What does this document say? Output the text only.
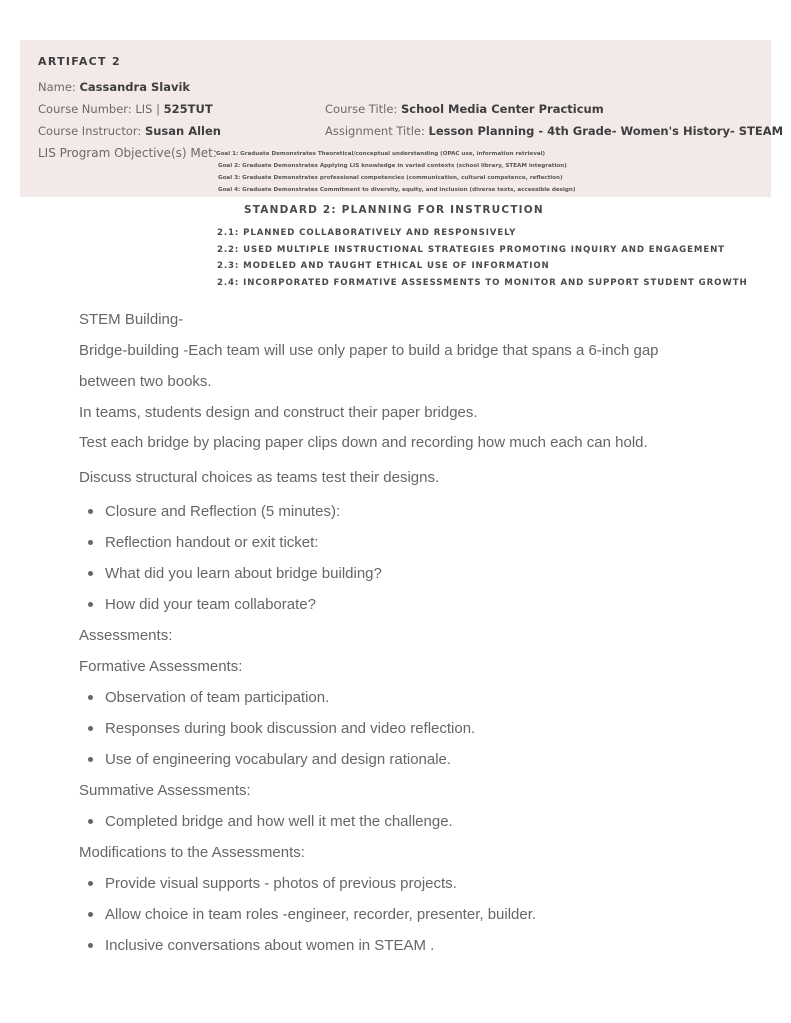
ARTIFACT 2
Name: Cassandra Slavik
Course Number: LIS | 525TUT	Course Title: School Media Center Practicum
Course Instructor: Susan Allen	Assignment Title: Lesson Planning - 4th Grade- Women's History- STEAM
LIS Program Objective(s) Met: Goal 1: Graduate Demonstrates Theoretical/conceptual understanding (OPAC use, information retrieval)
Goal 2: Graduate Demonstrates Applying LIS knowledge in varied contexts (school library, STEAM integration)
Goal 3: Graduate Demonstrates professional competencies (communication, cultural competence, reflection)
Goal 4: Graduate Demonstrates Commitment to diversity, equity, and inclusion (diverse texts, accessible design)
STANDARD 2: PLANNING FOR INSTRUCTION
2.1: PLANNED COLLABORATIVELY AND RESPONSIVELY
2.2: USED MULTIPLE INSTRUCTIONAL STRATEGIES PROMOTING INQUIRY AND ENGAGEMENT
2.3: MODELED AND TAUGHT ETHICAL USE OF INFORMATION
2.4: INCORPORATED FORMATIVE ASSESSMENTS TO MONITOR AND SUPPORT STUDENT GROWTH
STEM Building-
Bridge-building -Each team will use only paper to build a bridge that spans a 6-inch gap
between two books.
In teams, students design and construct their paper bridges.
Test each bridge by placing paper clips down and recording how much each can hold.
Discuss structural choices as teams test their designs.
Closure and Reflection (5 minutes):
Reflection handout or exit ticket:
What did you learn about bridge building?
How did your team collaborate?
Assessments:
Formative Assessments:
Observation of team participation.
Responses during book discussion and video reflection.
Use of engineering vocabulary and design rationale.
Summative Assessments:
Completed bridge and how well it met the challenge.
Modifications to the Assessments:
Provide visual supports - photos of previous projects.
Allow choice in team roles -engineer, recorder, presenter, builder.
Inclusive conversations about women in STEAM .
